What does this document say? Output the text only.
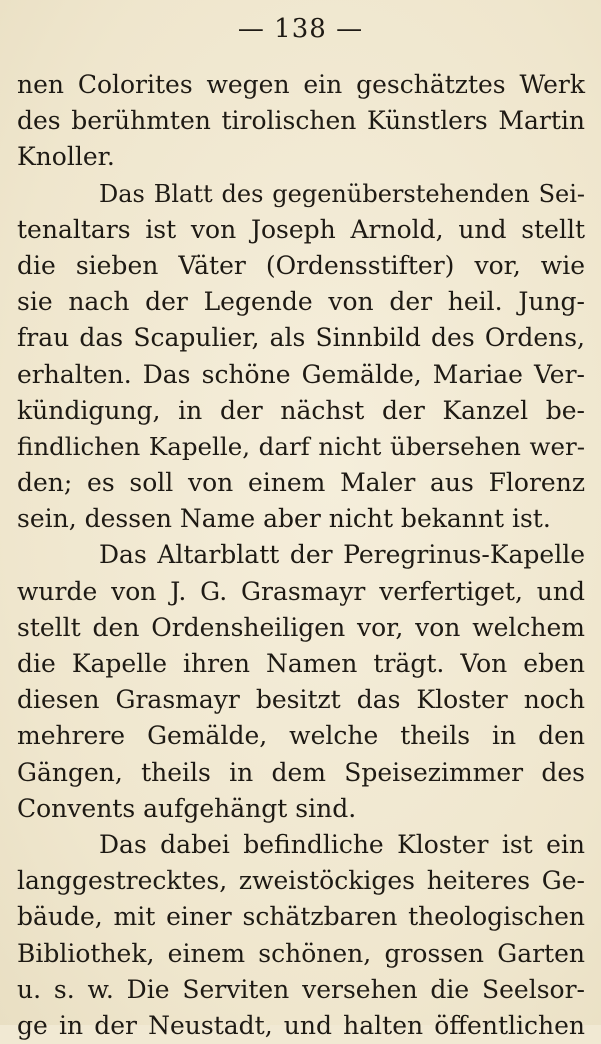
— 138 —
nen Colorites wegen ein geschätztes Werk
des berühmten tirolischen Künstlers Martin
Knoller.
Das Blatt des gegenüberstehenden Sei-
tenaltars ist von Joseph Arnold, und stellt
die sieben Väter (Ordensstifter) vor, wie
sie nach der Legende von der heil. Jung-
frau das Scapulier, als Sinnbild des Ordens,
erhalten. Das schöne Gemälde, Mariae Ver-
kündigung, in der nächst der Kanzel be-
findlichen Kapelle, darf nicht übersehen wer-
den; es soll von einem Maler aus Florenz
sein, dessen Name aber nicht bekannt ist.
Das Altarblatt der Peregrinus-Kapelle
wurde von J. G. Grasmayr verfertiget, und
stellt den Ordensheiligen vor, von welchem
die Kapelle ihren Namen trägt. Von eben
diesen Grasmayr besitzt das Kloster noch
mehrere Gemälde, welche theils in den
Gängen, theils in dem Speisezimmer des
Convents aufgehängt sind.
Das dabei befindliche Kloster ist ein
langgestrecktes, zweistöckiges heiteres Ge-
bäude, mit einer schätzbaren theologischen
Bibliothek, einem schönen, grossen Garten
u. s. w. Die Serviten versehen die Seelsor-
ge in der Neustadt, und halten öffentlichen
